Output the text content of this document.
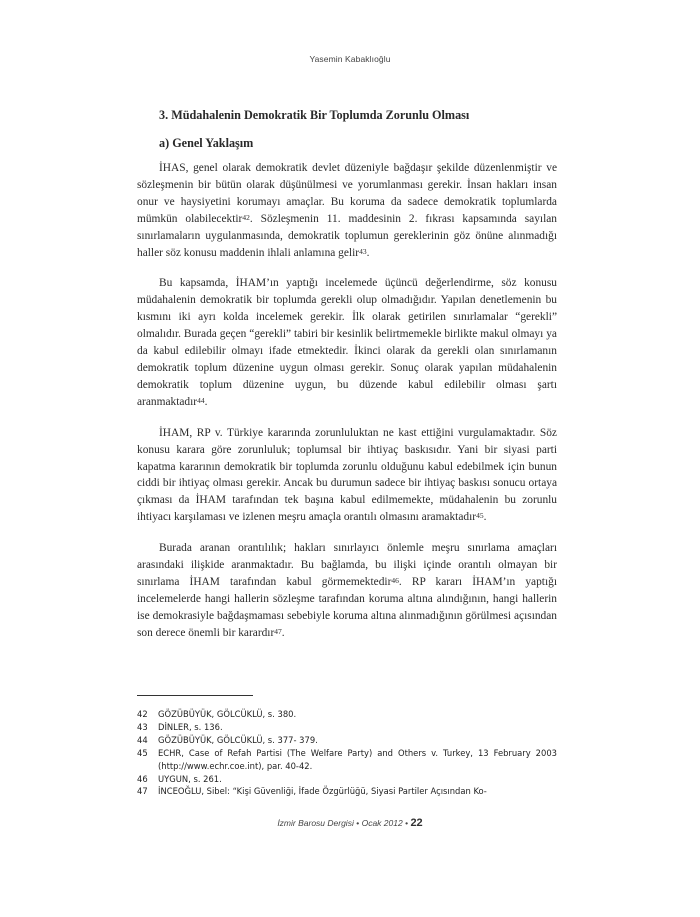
Yasemin Kabaklıoğlu
3. Müdahalenin Demokratik Bir Toplumda Zorunlu Olması
a) Genel Yaklaşım

İHAS, genel olarak demokratik devlet düzeniyle bağdaşır şekilde düzenlenmiştir ve sözleşmenin bir bütün olarak düşünülmesi ve yorumlanması gerekir. İnsan hakları insan onur ve haysiyetini korumayı amaçlar. Bu koruma da sadece demokratik toplumlarda mümkün olabilecektir$^{42}$. Sözleşmenin 11. maddesinin 2. fıkrası kapsamında sayılan sınırlamaların uygulanmasında, demokratik toplumun gereklerinin göz önüne alınmadığı haller söz konusu maddenin ihlali anlamına gelir$^{43}$.

Bu kapsamda, İHAM’ın yaptığı incelemede üçüncü değerlendirme, söz konusu müdahalenin demokratik bir toplumda gerekli olup olmadığıdır. Yapılan denetlemenin bu kısmını iki ayrı kolda incelemek gerekir. İlk olarak getirilen sınırlamalar “gerekli” olmalıdır. Burada geçen “gerekli” tabiri bir kesinlik belirtmemekle birlikte makul olmayı ya da kabul edilebilir olmayı ifade etmektedir. İkinci olarak da gerekli olan sınırlamanın demokratik toplum düzenine uygun olması gerekir. Sonuç olarak yapılan müdahalenin demokratik toplum düzenine uygun, bu düzende kabul edilebilir olması şartı aranmaktadır$^{44}$.

İHAM, RP v. Türkiye kararında zorunluluktan ne kast ettiğini vurgulamaktadır. Söz konusu karara göre zorunluluk; toplumsal bir ihtiyaç baskısıdır. Yani bir siyasi parti kapatma kararının demokratik bir toplumda zorunlu olduğunu kabul edebilmek için bunun ciddi bir ihtiyaç olması gerekir. Ancak bu durumun sadece bir ihtiyaç baskısı sonucu ortaya çıkması da İHAM tarafından tek başına kabul edilmemekte, müdahalenin bu zorunlu ihtiyacı karşılaması ve izlenen meşru amaçla orantılı olmasını aramaktadır$^{45}$.

Burada aranan orantılılık; hakları sınırlayıcı önlemle meşru sınırlama amaçları arasındaki ilişkide aranmaktadır. Bu bağlamda, bu ilişki içinde orantılı olmayan bir sınırlama İHAM tarafından kabul görmemektedir$^{46}$. RP kararı İHAM’ın yaptığı incelemelerde hangi hallerin sözleşme tarafından koruma altına alındığının, hangi hallerin ise demokrasiyle bağdaşmaması sebebiyle koruma altına alınmadığının görülmesi açısından son derece önemli bir karardır$^{47}$.

42	GÖZÜBÜYÜK, GÖLCÜKLÜ, s. 380.
43	DİNLER, s. 136.
44	GÖZÜBÜYÜK, GÖLCÜKLÜ, s. 377- 379.
45	ECHR, Case of Refah Partisi (The Welfare Party) and Others v. Turkey, 13 February 2003 (http://www.echr.coe.int), par. 40-42.
46	UYGUN, s. 261.
47	İNCEOĞLU, Sibel: “Kişi Güvenliği, İfade Özgürlüğü, Siyasi Partiler Açısından Ko-
İzmir Barosu Dergisi • Ocak 2012 • 22
